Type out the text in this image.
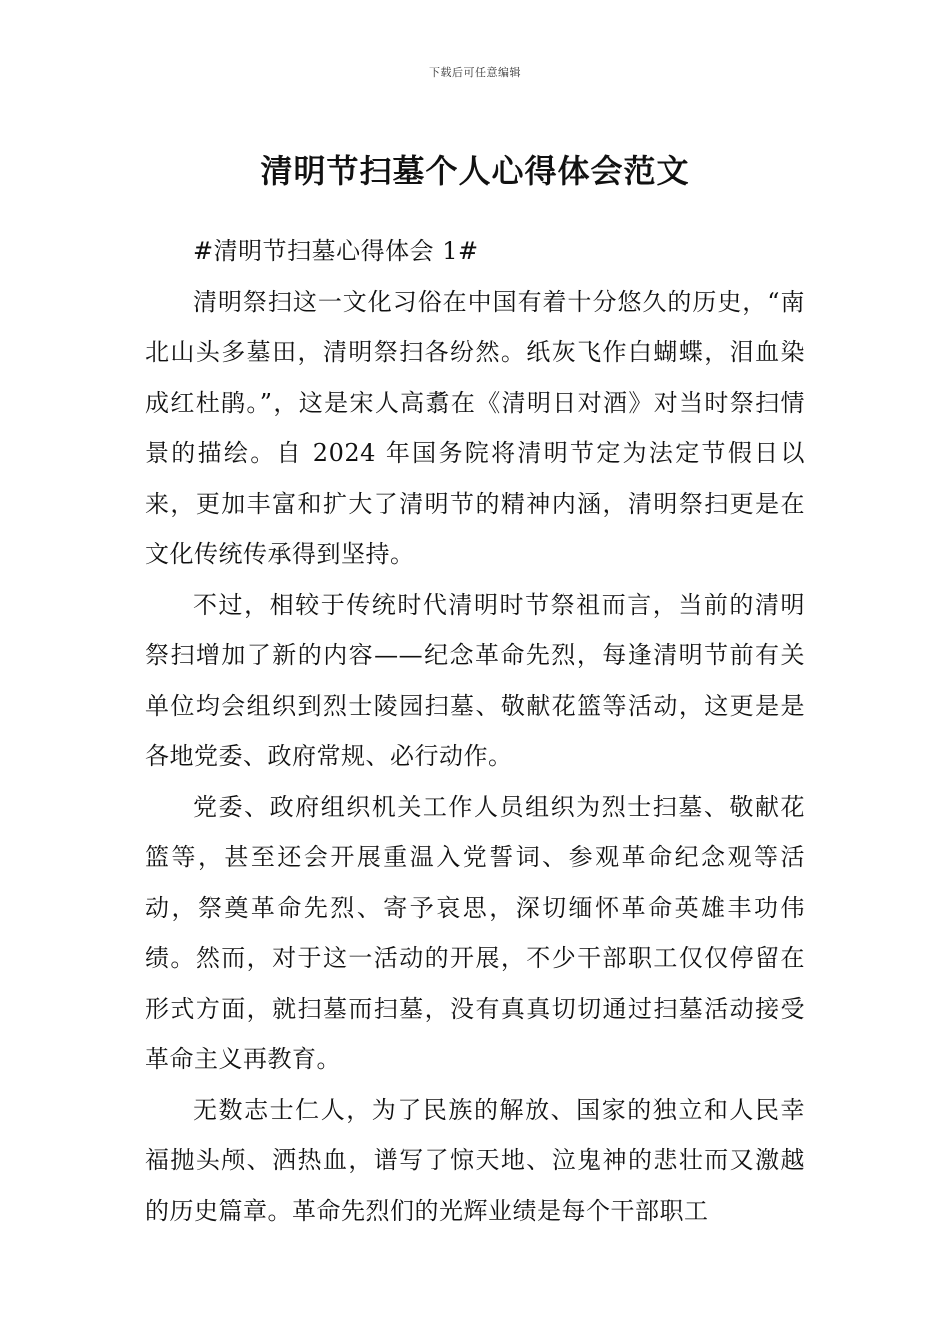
下载后可任意编辑
清明节扫墓个人心得体会范文

#清明节扫墓心得体会 1#

清明祭扫这一文化习俗在中国有着十分悠久的历史，“南北山头多墓田，清明祭扫各纷然。纸灰飞作白蝴蝶，泪血染成红杜鹃。”，这是宋人高翥在《清明日对酒》对当时祭扫情景的描绘。自 2024 年国务院将清明节定为法定节假日以来，更加丰富和扩大了清明节的精神内涵，清明祭扫更是在文化传统传承得到坚持。

不过，相较于传统时代清明时节祭祖而言，当前的清明祭扫增加了新的内容——纪念革命先烈，每逢清明节前有关单位均会组织到烈士陵园扫墓、敬献花篮等活动，这更是是各地党委、政府常规、必行动作。

党委、政府组织机关工作人员组织为烈士扫墓、敬献花篮等，甚至还会开展重温入党誓词、参观革命纪念观等活动，祭奠革命先烈、寄予哀思，深切缅怀革命英雄丰功伟绩。然而，对于这一活动的开展，不少干部职工仅仅停留在形式方面，就扫墓而扫墓，没有真真切切通过扫墓活动接受革命主义再教育。

无数志士仁人，为了民族的解放、国家的独立和人民幸福抛头颅、洒热血，谱写了惊天地、泣鬼神的悲壮而又激越的历史篇章。革命先烈们的光辉业绩是每个干部职工
